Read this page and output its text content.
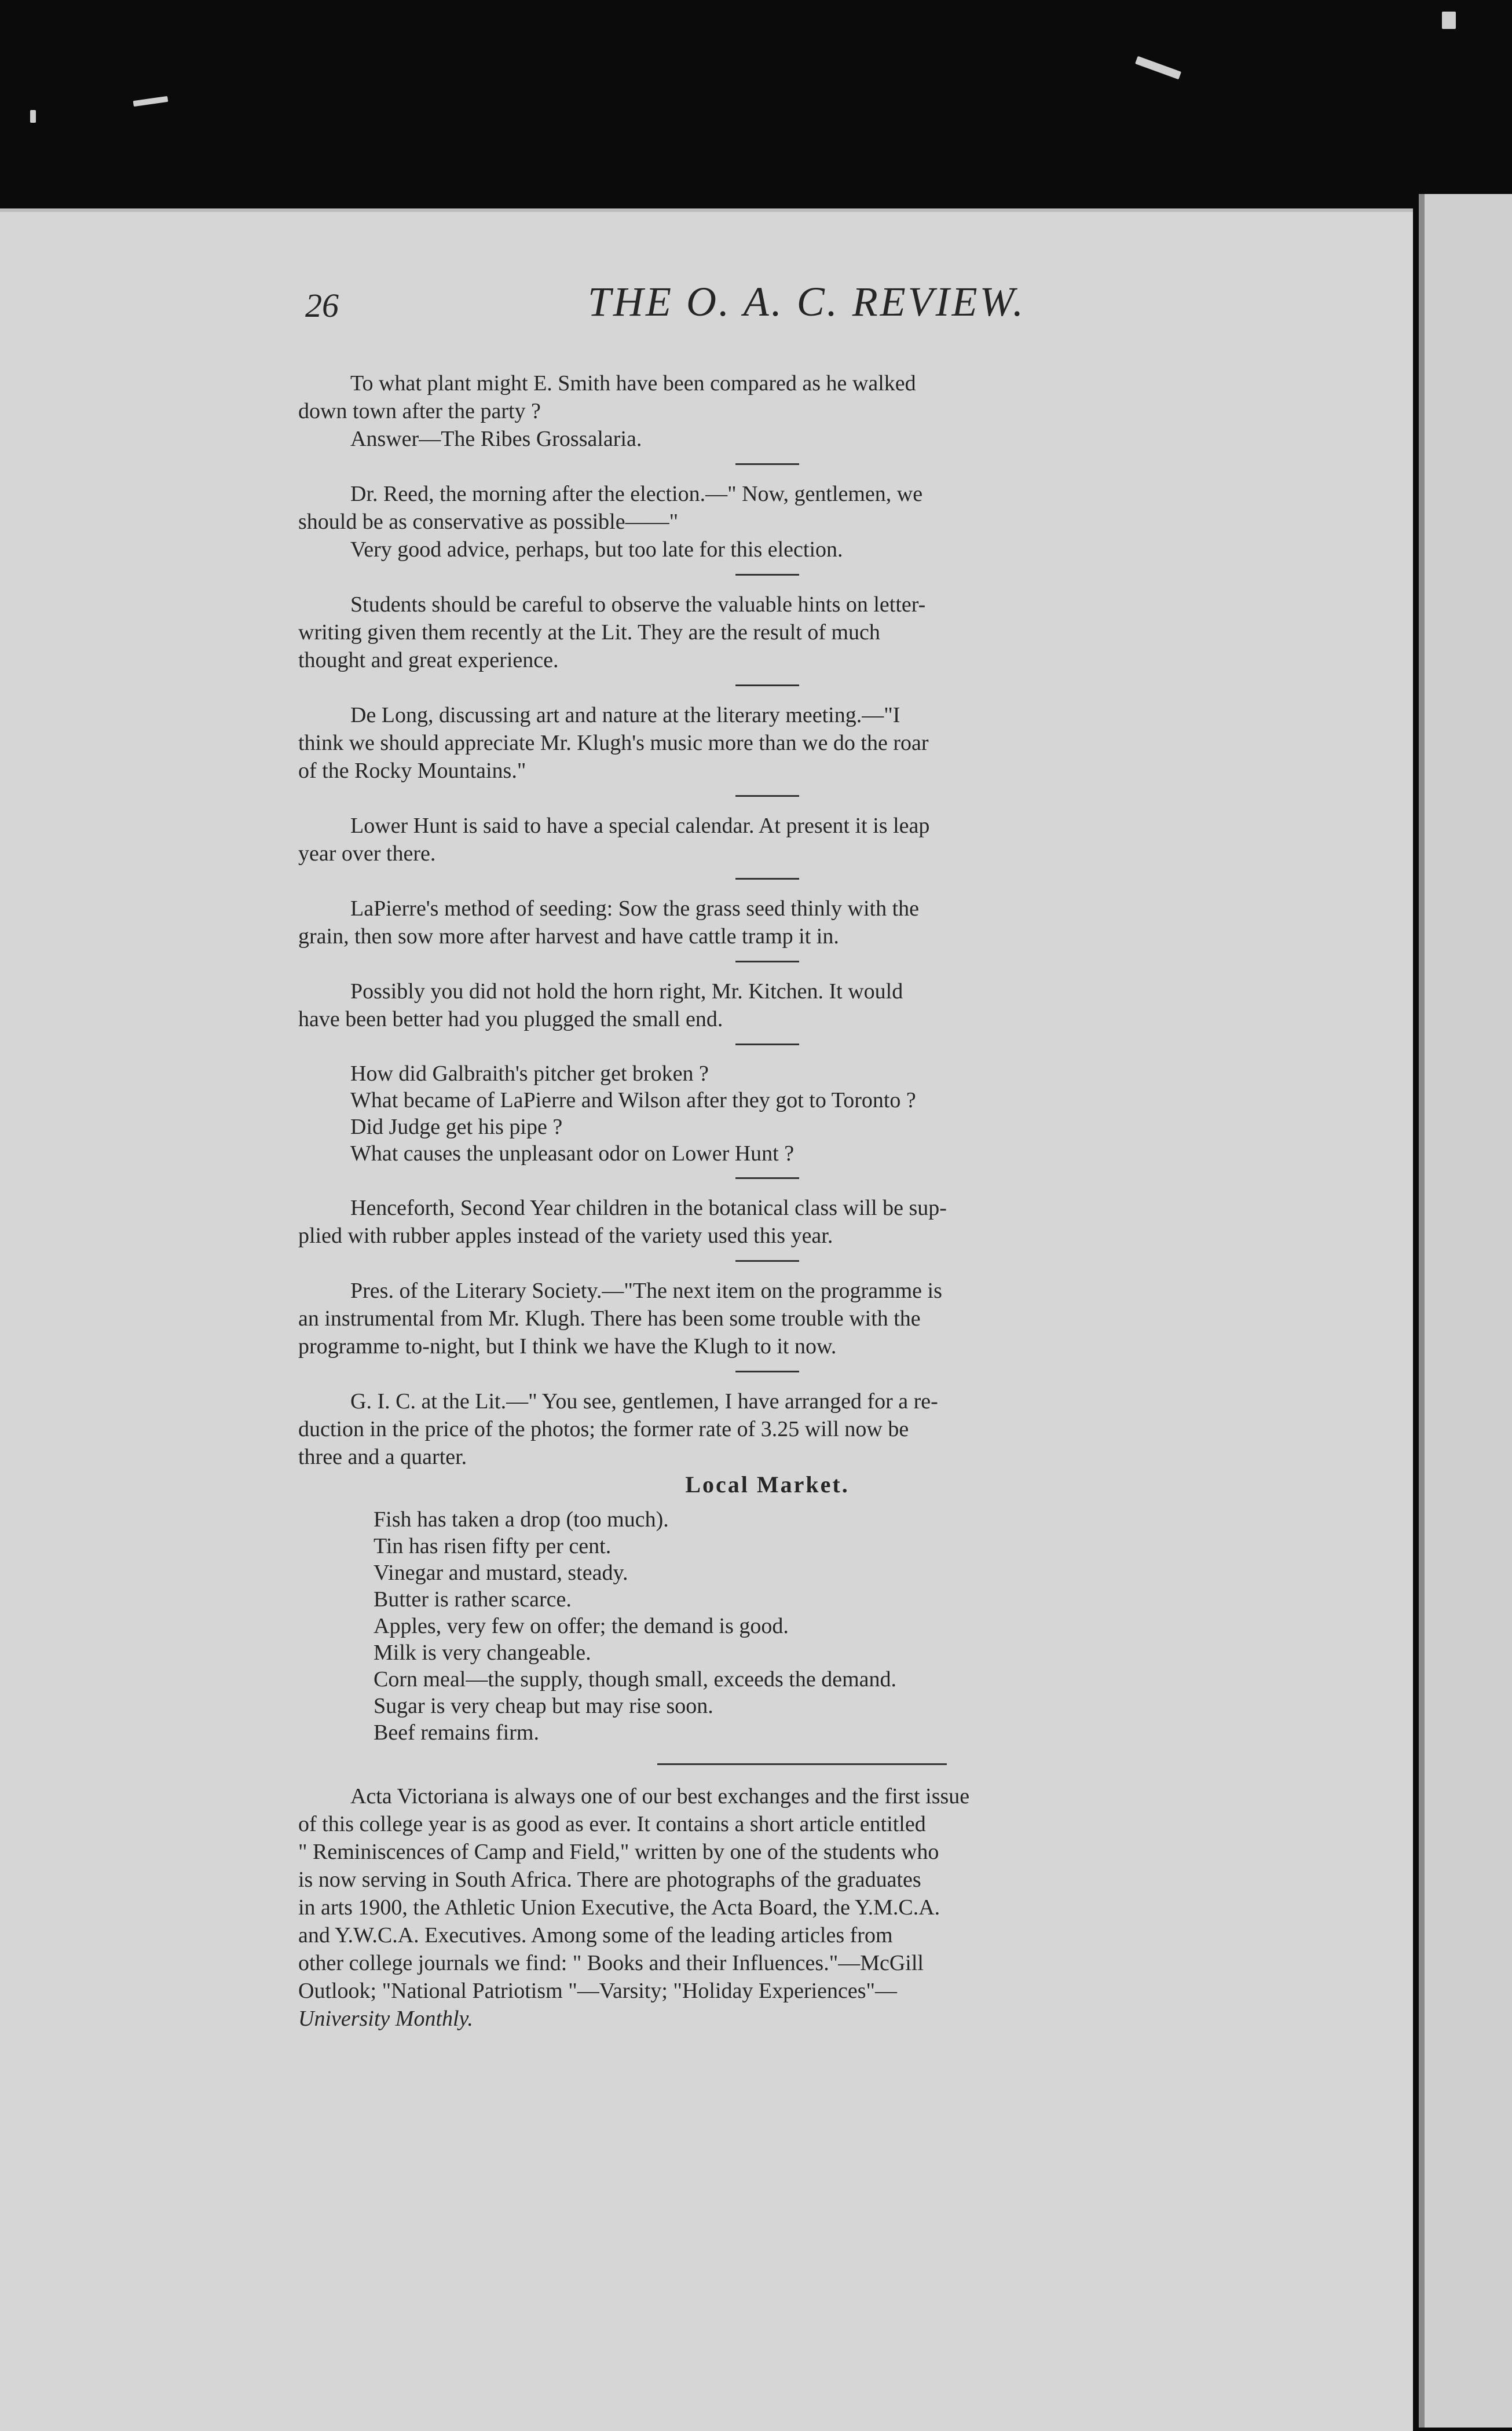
26	THE O. A. C. REVIEW.
To what plant might E. Smith have been compared as he walked
down town after the party ?
Answer—The Ribes Grossalaria.
Dr. Reed, the morning after the election.—" Now, gentlemen, we
should be as conservative as possible——"
Very good advice, perhaps, but too late for this election.
Students should be careful to observe the valuable hints on letter-
writing given them recently at the Lit. They are the result of much
thought and great experience.
De Long, discussing art and nature at the literary meeting.—"I
think we should appreciate Mr. Klugh's music more than we do the roar
of the Rocky Mountains."
Lower Hunt is said to have a special calendar. At present it is leap
year over there.
LaPierre's method of seeding: Sow the grass seed thinly with the
grain, then sow more after harvest and have cattle tramp it in.
Possibly you did not hold the horn right, Mr. Kitchen. It would
have been better had you plugged the small end.
How did Galbraith's pitcher get broken ?
What became of LaPierre and Wilson after they got to Toronto ?
Did Judge get his pipe ?
What causes the unpleasant odor on Lower Hunt ?
Henceforth, Second Year children in the botanical class will be sup-
plied with rubber apples instead of the variety used this year.
Pres. of the Literary Society.—"The next item on the programme is
an instrumental from Mr. Klugh. There has been some trouble with the
programme to-night, but I think we have the Klugh to it now.
G. I. C. at the Lit.—" You see, gentlemen, I have arranged for a re-
duction in the price of the photos; the former rate of 3.25 will now be
three and a quarter.
Local Market.
Fish has taken a drop (too much).
Tin has risen fifty per cent.
Vinegar and mustard, steady.
Butter is rather scarce.
Apples, very few on offer; the demand is good.
Milk is very changeable.
Corn meal—the supply, though small, exceeds the demand.
Sugar is very cheap but may rise soon.
Beef remains firm.
Acta Victoriana is always one of our best exchanges and the first issue
of this college year is as good as ever. It contains a short article entitled
" Reminiscences of Camp and Field," written by one of the students who
is now serving in South Africa. There are photographs of the graduates
in arts 1900, the Athletic Union Executive, the Acta Board, the Y.M.C.A.
and Y.W.C.A. Executives. Among some of the leading articles from
other college journals we find: " Books and their Influences."—McGill
Outlook; "National Patriotism "—Varsity; "Holiday Experiences"—
University Monthly.
